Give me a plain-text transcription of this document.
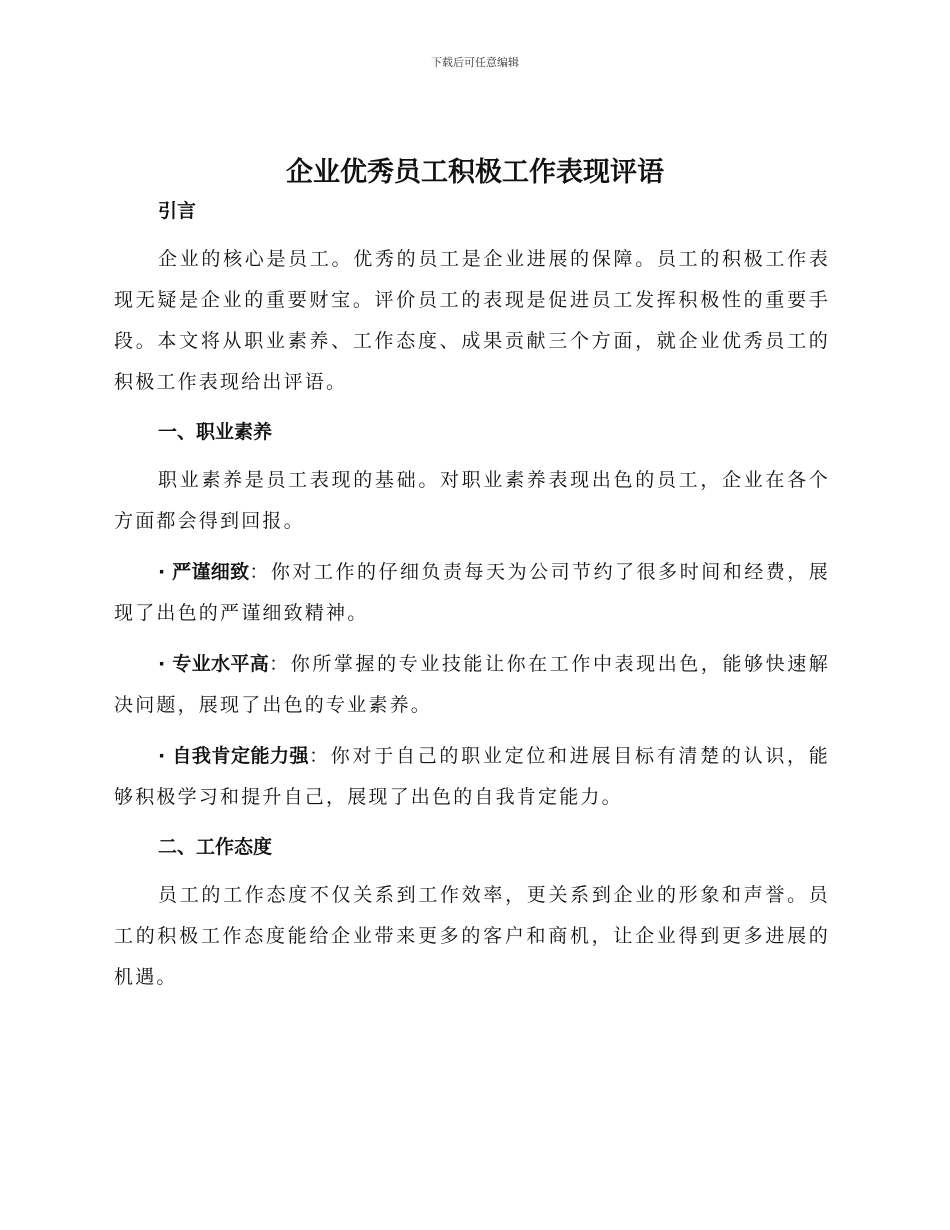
下载后可任意编辑
企业优秀员工积极工作表现评语

引言

企业的核心是员工。优秀的员工是企业进展的保障。员工的积极工作表现无疑是企业的重要财宝。评价员工的表现是促进员工发挥积极性的重要手段。本文将从职业素养、工作态度、成果贡献三个方面，就企业优秀员工的积极工作表现给出评语。

一、职业素养

职业素养是员工表现的基础。对职业素养表现出色的员工，企业在各个方面都会得到回报。

· 严谨细致：你对工作的仔细负责每天为公司节约了很多时间和经费，展现了出色的严谨细致精神。

· 专业水平高：你所掌握的专业技能让你在工作中表现出色，能够快速解决问题，展现了出色的专业素养。

· 自我肯定能力强：你对于自己的职业定位和进展目标有清楚的认识，能够积极学习和提升自己，展现了出色的自我肯定能力。

二、工作态度

员工的工作态度不仅关系到工作效率，更关系到企业的形象和声誉。员工的积极工作态度能给企业带来更多的客户和商机，让企业得到更多进展的机遇。
